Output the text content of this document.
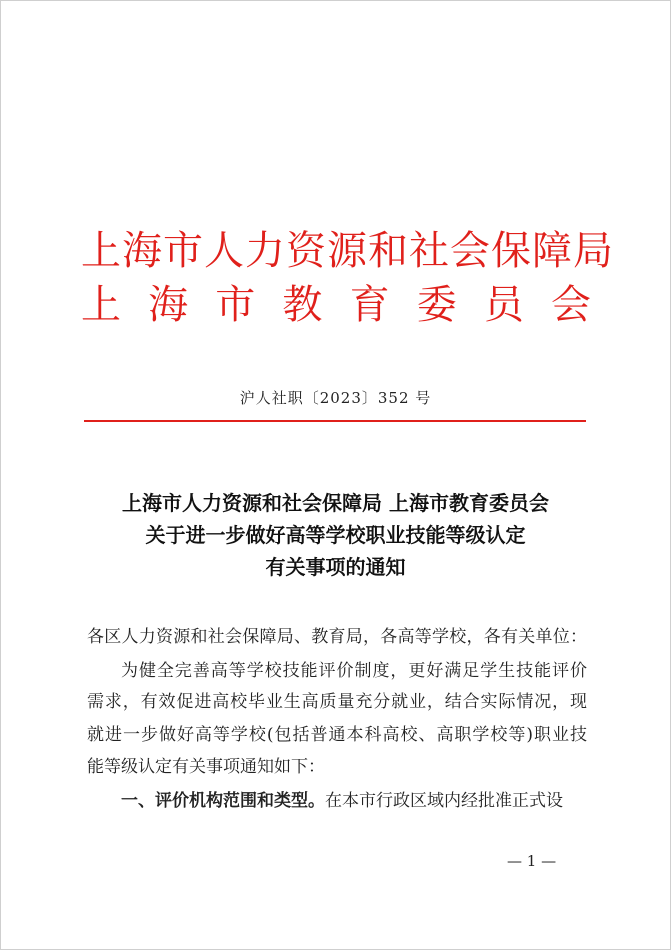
上海市人力资源和社会保障局
上 海 市 教 育 委 员 会
沪人社职〔2023〕352 号
上海市人力资源和社会保障局 上海市教育委员会
关于进一步做好高等学校职业技能等级认定
有关事项的通知
各区人力资源和社会保障局、教育局，各高等学校，各有关单位：
为健全完善高等学校技能评价制度，更好满足学生技能评价
需求，有效促进高校毕业生高质量充分就业，结合实际情况，现
就进一步做好高等学校(包括普通本科高校、高职学校等)职业技
能等级认定有关事项通知如下：
一、评价机构范围和类型。在本市行政区域内经批准正式设
— 1 —
